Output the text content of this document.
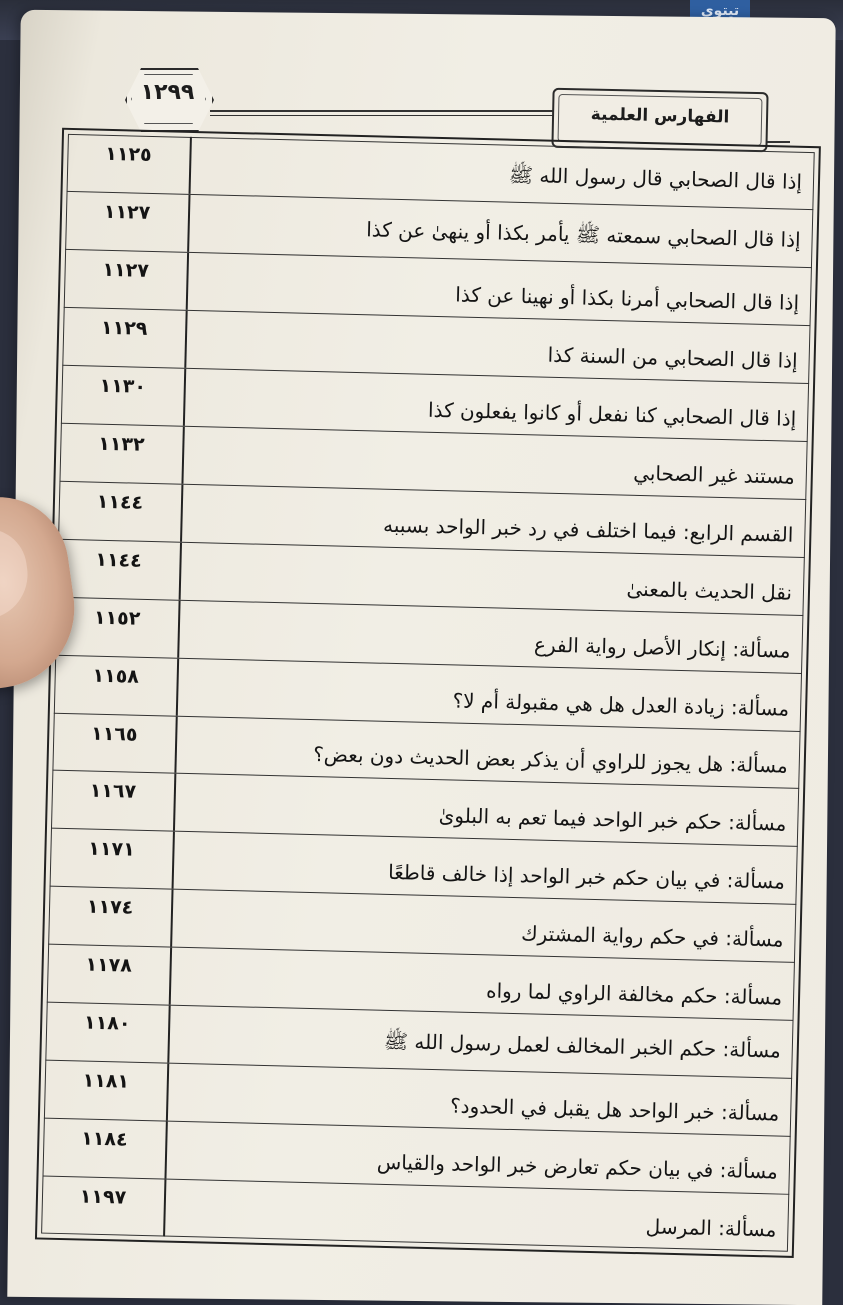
تيتوى
١٢٩٩
الفهارس العلمية
إذا قال الصحابي قال رسول الله ﷺ
١١٢٥
إذا قال الصحابي سمعته ﷺ يأمر بكذا أو ينهىٰ عن كذا
١١٢٧
إذا قال الصحابي أمرنا بكذا أو نهينا عن كذا
١١٢٧
إذا قال الصحابي من السنة كذا
١١٢٩
إذا قال الصحابي كنا نفعل أو كانوا يفعلون كذا
١١٣٠
مستند غير الصحابي
١١٣٢
القسم الرابع: فيما اختلف في رد خبر الواحد بسببه
١١٤٤
نقل الحديث بالمعنىٰ
١١٤٤
مسألة: إنكار الأصل رواية الفرع
١١٥٢
مسألة: زيادة العدل هل هي مقبولة أم لا؟
١١٥٨
مسألة: هل يجوز للراوي أن يذكر بعض الحديث دون بعض؟
١١٦٥
مسألة: حكم خبر الواحد فيما تعم به البلوىٰ
١١٦٧
مسألة: في بيان حكم خبر الواحد إذا خالف قاطعًا
١١٧١
مسألة: في حكم رواية المشترك
١١٧٤
مسألة: حكم مخالفة الراوي لما رواه
١١٧٨
مسألة: حكم الخبر المخالف لعمل رسول الله ﷺ
١١٨٠
مسألة: خبر الواحد هل يقبل في الحدود؟
١١٨١
مسألة: في بيان حكم تعارض خبر الواحد والقياس
١١٨٤
مسألة: المرسل
١١٩٧
